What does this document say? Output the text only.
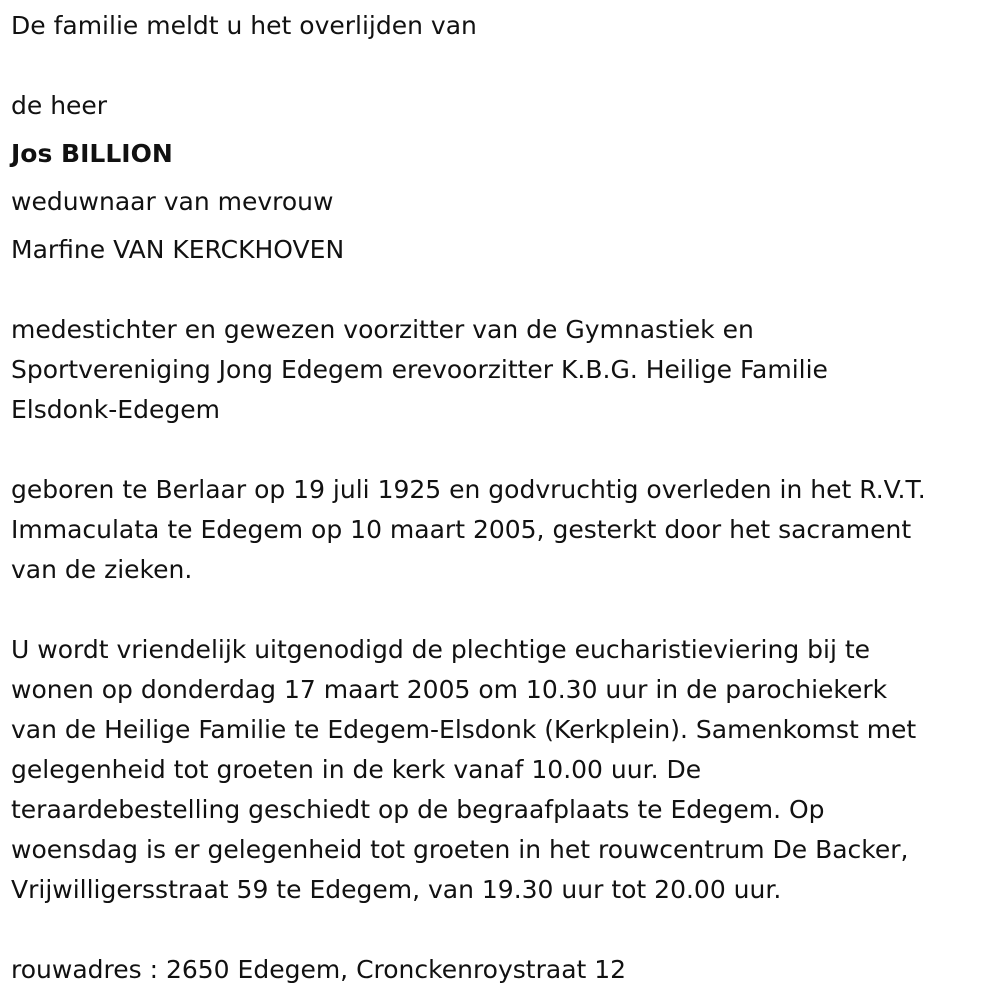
De familie meldt u het overlijden van
de heer
Jos BILLION
weduwnaar van mevrouw
Marfine VAN KERCKHOVEN
medestichter en gewezen voorzitter van de Gymnastiek en
Sportvereniging Jong Edegem erevoorzitter K.B.G. Heilige Familie
Elsdonk-Edegem
geboren te Berlaar op 19 juli 1925 en godvruchtig overleden in het R.V.T.
Immaculata te Edegem op 10 maart 2005, gesterkt door het sacrament
van de zieken.
U wordt vriendelijk uitgenodigd de plechtige eucharistieviering bij te
wonen op donderdag 17 maart 2005 om 10.30 uur in de parochiekerk
van de Heilige Familie te Edegem-Elsdonk (Kerkplein). Samenkomst met
gelegenheid tot groeten in de kerk vanaf 10.00 uur. De
teraardebestelling geschiedt op de begraafplaats te Edegem. Op
woensdag is er gelegenheid tot groeten in het rouwcentrum De Backer,
Vrijwilligersstraat 59 te Edegem, van 19.30 uur tot 20.00 uur.
rouwadres : 2650 Edegem, Cronckenroystraat 12
